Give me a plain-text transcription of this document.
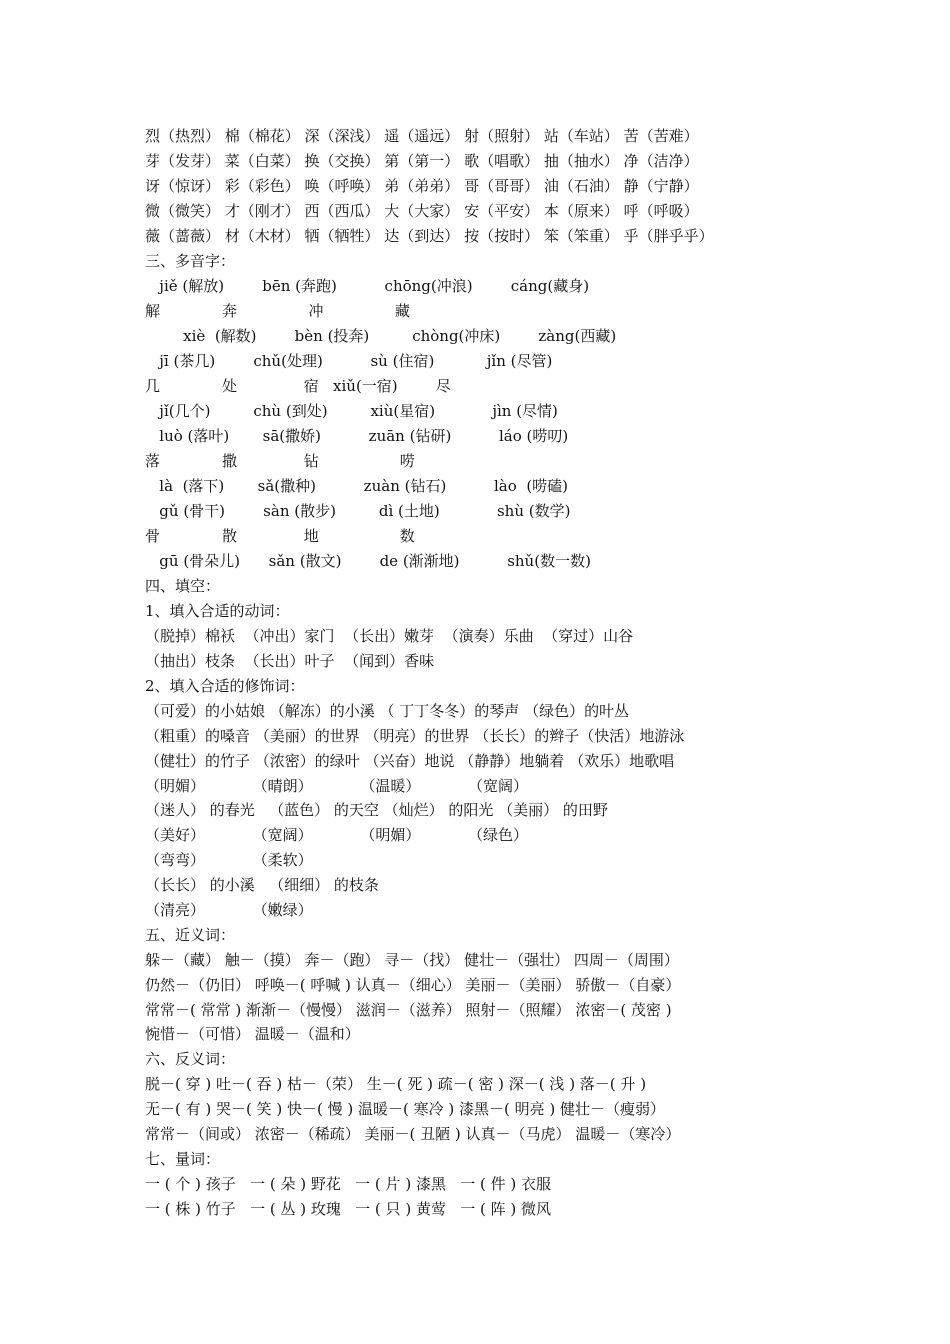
烈（热烈） 棉（棉花） 深（深浅） 遥（遥远） 射（照射） 站（车站） 苦（苦难）
芽（发芽） 菜（白菜） 换（交换） 第（第一） 歌（唱歌） 抽（抽水） 净（洁净）
讶（惊讶） 彩（彩色） 唤（呼唤） 弟（弟弟） 哥（哥哥） 油（石油） 静（宁静）
微（微笑） 才（刚才） 西（西瓜） 大（大家） 安（平安） 本（原来） 呼（呼吸）
薇（蔷薇） 材（木材） 牺（牺牲） 达（到达） 按（按时） 笨（笨重） 乎（胖乎乎）
三、多音字：
jiě (解放)        bēn (奔跑)          chōng(冲浪)        cáng(藏身)
解             奔               冲               藏
xiè  (解数)        bèn (投奔)         chòng(冲床)        zàng(西藏)
jī (茶几)        chǔ(处理)          sù (住宿)           jǐn (尽管)
几             处              宿   xiǔ(一宿)        尽
jǐ(几个)         chù (到处)         xiù(星宿)            jìn (尽情)
luò (落叶)       sā(撒娇)          zuān (钻研)          láo (唠叨)
落             撒              钻                 唠
là  (落下)       sǎ(撒种)          zuàn (钻石)          lào  (唠磕)
gǔ (骨干)        sàn (散步)         dì (土地)            shù (数学)
骨             散              地                 数
gū (骨朵儿)      sǎn (散文)        de (渐渐地)          shǔ(数一数)
四、填空：
1、填入合适的动词：
（脱掉）棉袄  （冲出）家门  （长出）嫩芽  （演奏）乐曲  （穿过）山谷
（抽出）枝条  （长出）叶子  （闻到）香味
2、填入合适的修饰词：
（可爱）的小姑娘 （解冻）的小溪 （ 丁丁冬冬）的琴声 （绿色）的叶丛
（粗重）的嗓音 （美丽）的世界 （明亮）的世界 （长长）的辫子（快活）地游泳
（健壮）的竹子 （浓密）的绿叶 （兴奋）地说 （静静）地躺着 （欢乐）地歌唱
（明媚）          （晴朗）          （温暖）          （宽阔）
（迷人） 的春光   （蓝色） 的天空 （灿烂） 的阳光 （美丽） 的田野
（美好）          （宽阔）          （明媚）          （绿色）
（弯弯）          （柔软）
（长长） 的小溪   （细细） 的枝条
（清亮）          （嫩绿）
五、近义词：
躲－（藏） 触－（摸） 奔－（跑） 寻－（找） 健壮－（强壮） 四周－（周围）
仍然－（仍旧） 呼唤－( 呼喊 ) 认真－（细心） 美丽－（美丽） 骄傲－（自豪）
常常－( 常常 ) 渐渐－（慢慢） 滋润－（滋养） 照射－（照耀） 浓密－( 茂密 )
惋惜－（可惜） 温暖－（温和）
六、反义词：
脱－( 穿 ) 吐－( 吞 ) 枯－（荣） 生－( 死 ) 疏－( 密 ) 深－( 浅 ) 落－( 升 )
无－( 有 ) 哭－( 笑 ) 快－( 慢 ) 温暖－( 寒冷 ) 漆黑－( 明亮 ) 健壮－（瘦弱）
常常－（间或） 浓密－（稀疏） 美丽－( 丑陋 ) 认真－（马虎） 温暖－（寒冷）
七、量词：
一 ( 个 ) 孩子   一 ( 朵 ) 野花   一 ( 片 ) 漆黑   一 ( 件 ) 衣服
一 ( 株 ) 竹子   一 ( 丛 ) 玫瑰   一 ( 只 ) 黄莺   一 ( 阵 ) 微风
